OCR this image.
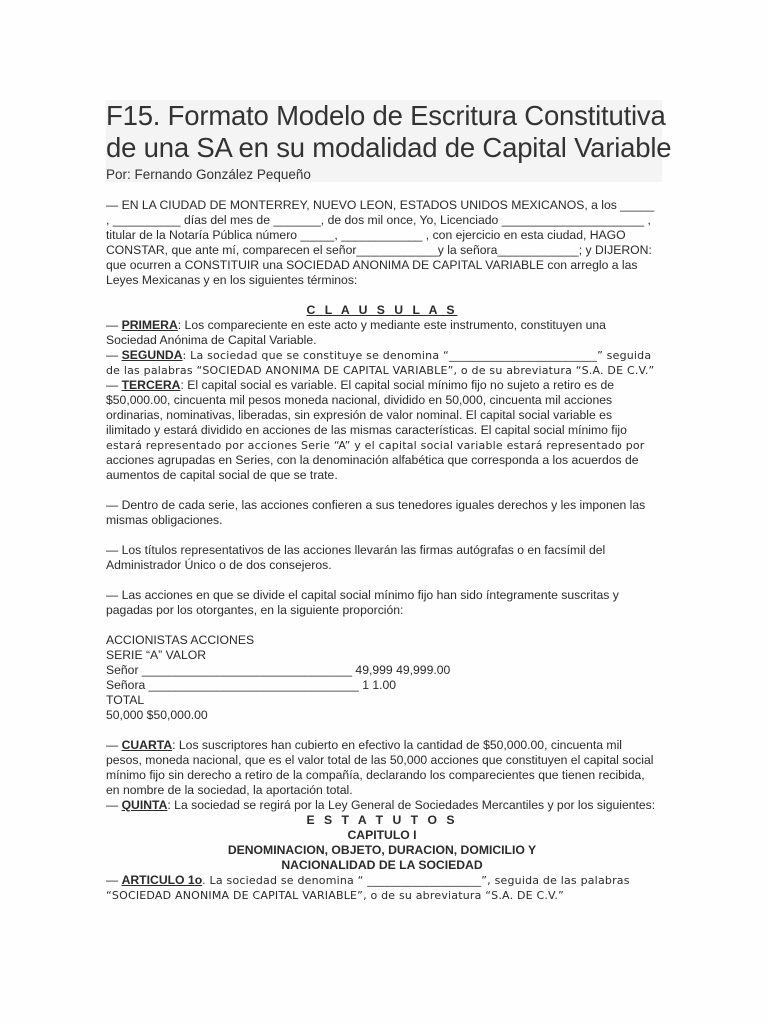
F15. Formato Modelo de Escritura Constitutiva de una SA en su modalidad de Capital Variable
Por: Fernando González Pequeño

— EN LA CIUDAD DE MONTERREY, NUEVO LEON, ESTADOS UNIDOS MEXICANOS, a los _____ , __________ días del mes de _______, de dos mil once, Yo, Licenciado _____________________ , titular de la Notaría Pública número _____, ____________ , con ejercicio en esta ciudad, HAGO CONSTAR, que ante mí, comparecen el señor____________y la señora____________; y DIJERON: que ocurren a CONSTITUIR una SOCIEDAD ANONIMA DE CAPITAL VARIABLE con arreglo a las Leyes Mexicanas y en los siguientes términos:

C L A U S U L A S

— PRIMERA: Los compareciente en este acto y mediante este instrumento, constituyen una Sociedad Anónima de Capital Variable.

— SEGUNDA: La sociedad que se constituye se denomina “__________________________” seguida de las palabras “SOCIEDAD ANONIMA DE CAPITAL VARIABLE”, o de su abreviatura “S.A. DE C.V.”

— TERCERA: El capital social es variable. El capital social mínimo fijo no sujeto a retiro es de $50,000.00, cincuenta mil pesos moneda nacional, dividido en 50,000, cincuenta mil acciones ordinarias, nominativas, liberadas, sin expresión de valor nominal. El capital social variable es ilimitado y estará dividido en acciones de las mismas características. El capital social mínimo fijo estará representado por acciones Serie “A” y el capital social variable estará representado por acciones agrupadas en Series, con la denominación alfabética que corresponda a los acuerdos de aumentos de capital social de que se trate.

— Dentro de cada serie, las acciones confieren a sus tenedores iguales derechos y les imponen las mismas obligaciones.

— Los títulos representativos de las acciones llevarán las firmas autógrafas o en facsímil del Administrador Único o de dos consejeros.

— Las acciones en que se divide el capital social mínimo fijo han sido íntegramente suscritas y pagadas por los otorgantes, en la siguiente proporción:

ACCIONISTAS ACCIONES

SERIE “A” VALOR

Señor _______________________________ 49,999 49,999.00

Señora _______________________________ 1 1.00

TOTAL

50,000 $50,000.00

— CUARTA: Los suscriptores han cubierto en efectivo la cantidad de $50,000.00, cincuenta mil pesos, moneda nacional, que es el valor total de las 50,000 acciones que constituyen el capital social mínimo fijo sin derecho a retiro de la compañía, declarando los comparecientes que tienen recibida, en nombre de la sociedad, la aportación total.

— QUINTA: La sociedad se regirá por la Ley General de Sociedades Mercantiles y por los siguientes:

E S T A T U T O S

CAPITULO I

DENOMINACION, OBJETO, DURACION, DOMICILIO Y

NACIONALIDAD DE LA SOCIEDAD

— ARTICULO 1o. La sociedad se denomina “ ____________________”, seguida de las palabras “SOCIEDAD ANONIMA DE CAPITAL VARIABLE”, o de su abreviatura “S.A. DE C.V.”
